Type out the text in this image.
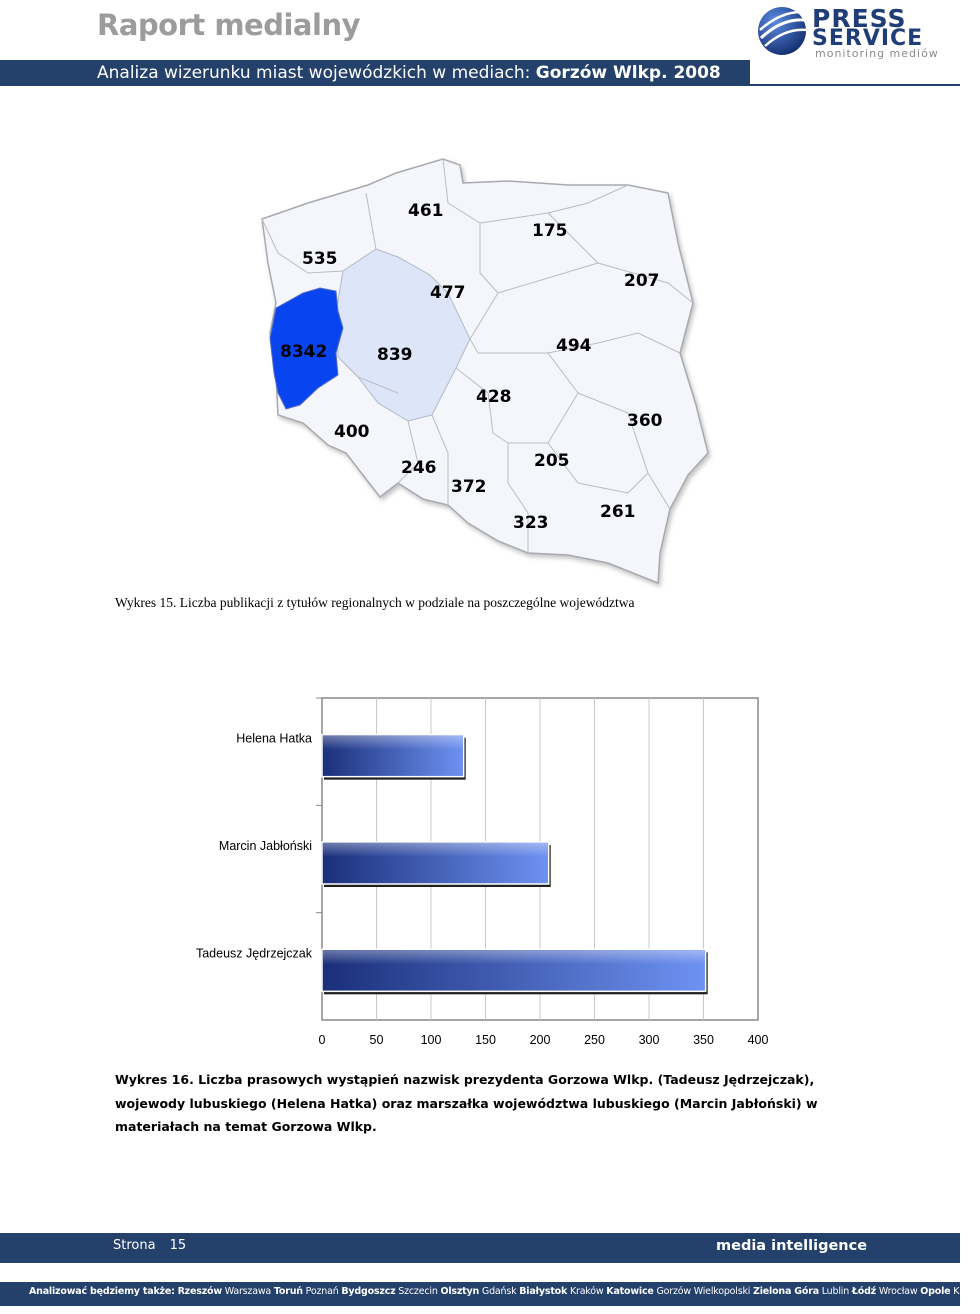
Raport medialny
Analiza wizerunku miast wojewódzkich w mediach: Gorzów Wlkp. 2008
PRESS
SERVICE
monitoring mediów
461
175
535
477
207
8342	839	494
428
360
400
246	205
372
323
261
Wykres 15. Liczba publikacji z tytułów regionalnych w podziale na poszczególne województwa
Helena Hatka
Marcin Jabłoński
Tadeusz Jędrzejczak
0	50	100	150	200	250	300	350	400
Wykres 16. Liczba prasowych wystąpień nazwisk prezydenta Gorzowa Wlkp. (Tadeusz Jędrzejczak), wojewody lubuskiego (Helena Hatka) oraz marszałka województwa lubuskiego (Marcin Jabłoński) w materiałach na temat Gorzowa Wlkp.
Strona 15	media intelligence
Analizować będziemy także: Rzeszów Warszawa Toruń Poznań Bydgoszcz Szczecin Olsztyn Gdańsk Białystok Kraków Katowice Gorzów Wielkopolski Zielona Góra Lublin Łódź Wrocław Opole Kielce
